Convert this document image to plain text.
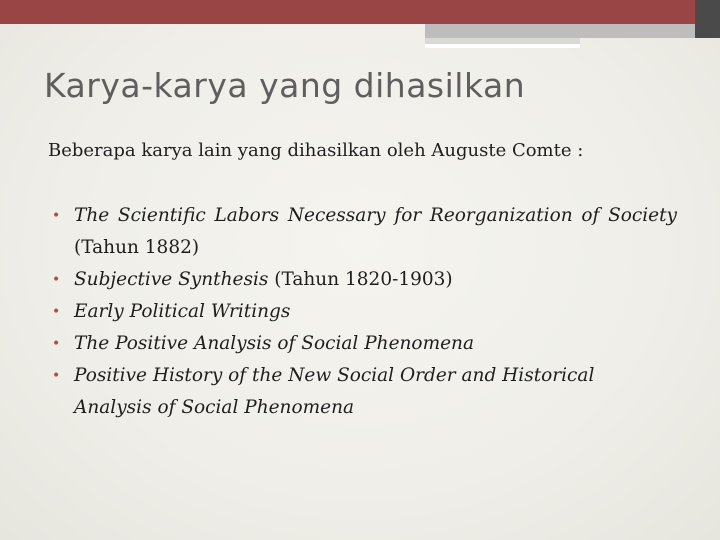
Karya-karya yang dihasilkan
Beberapa karya lain yang dihasilkan oleh Auguste Comte :
• The Scientific Labors Necessary for Reorganization of Society (Tahun 1882)
• Subjective Synthesis (Tahun 1820-1903)
• Early Political Writings
• The Positive Analysis of Social Phenomena
• Positive History of the New Social Order and Historical Analysis of Social Phenomena
